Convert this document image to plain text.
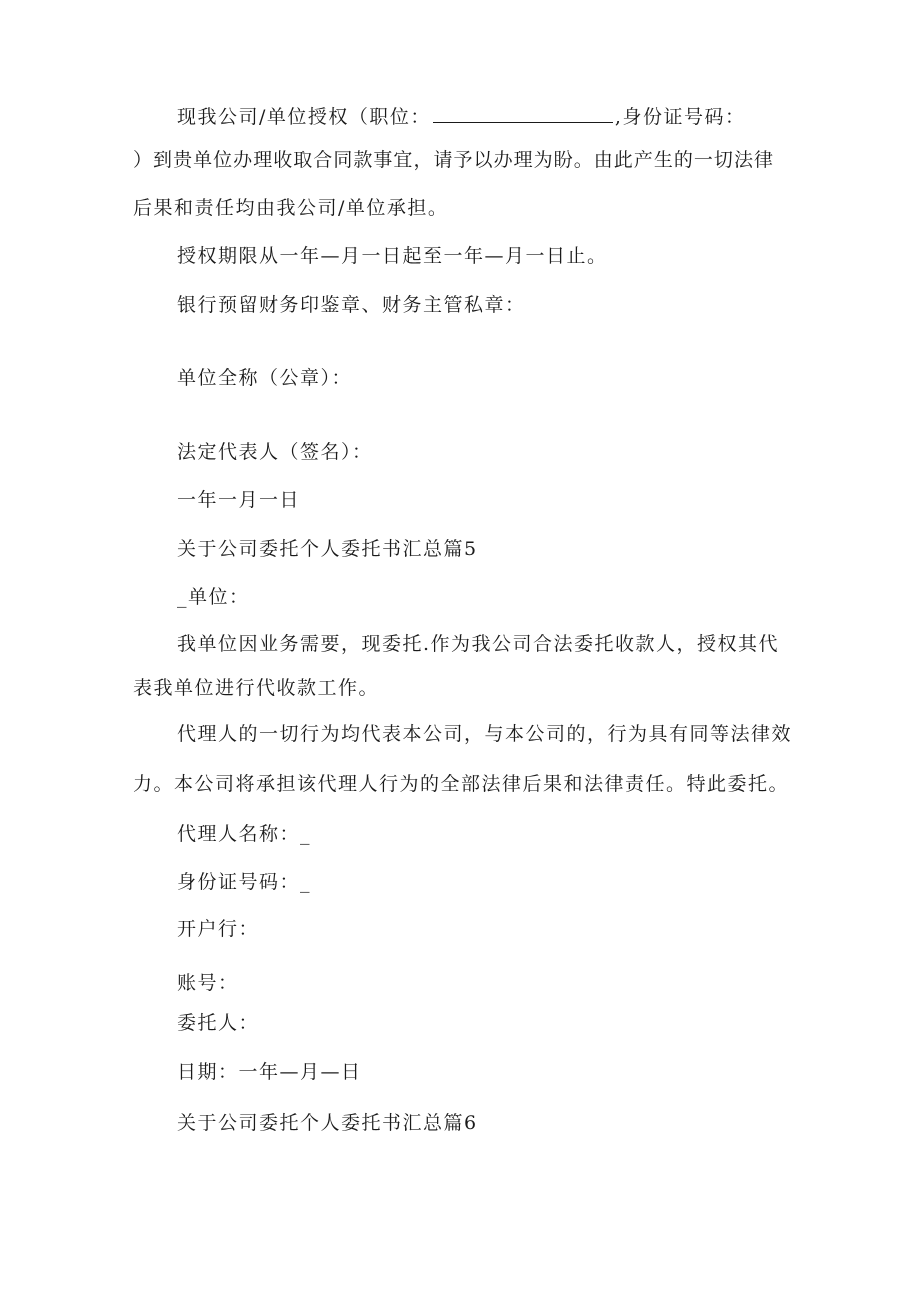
现我公司/单位授权（职位：	,身份证号码：
）到贵单位办理收取合同款事宜，请予以办理为盼。由此产生的一切法律
后果和责任均由我公司/单位承担。
授权期限从一年—月一日起至一年—月一日止。
银行预留财务印鉴章、财务主管私章：
单位全称（公章）：
法定代表人（签名）：
一年一月一日
关于公司委托个人委托书汇总篇5
_单位：
我单位因业务需要，现委托.作为我公司合法委托收款人，授权其代
表我单位进行代收款工作。
代理人的一切行为均代表本公司，与本公司的，行为具有同等法律效
力。本公司将承担该代理人行为的全部法律后果和法律责任。特此委托。
代理人名称：_
身份证号码：_
开户行：
账号：
委托人：
日期：一年—月—日
关于公司委托个人委托书汇总篇6
